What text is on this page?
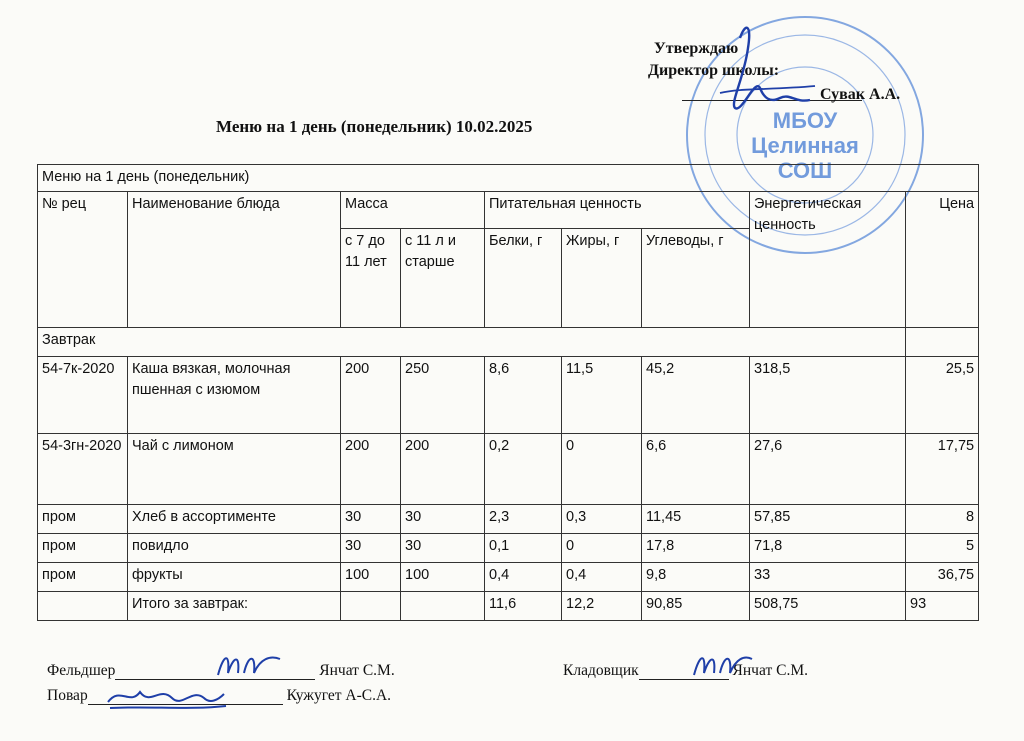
МБОУ
Целинная
СОШ
Утверждаю
Директор школы:
Сувак А.А.
Меню на 1 день (понедельник) 10.02.2025
Меню на 1 день (понедельник)								
№ рец	Наименование блюда	Масса		Питательная ценность			Энергетическая ценность	Цена
		с 7 до 11 лет	с 11 л и старше	Белки, г	Жиры, г	Углеводы, г		
Завтрак								
54-7к-2020	Каша вязкая, молочная пшенная с изюмом	200	250	8,6	11,5	45,2	318,5	25,5
54-3гн-2020	Чай с лимоном	200	200	0,2	0	6,6	27,6	17,75
пром	Хлеб в ассортименте	30	30	2,3	0,3	11,45	57,85	8
пром	повидло	30	30	0,1	0	17,8	71,8	5
пром	фрукты	100	100	0,4	0,4	9,8	33	36,75
	Итого за завтрак:			11,6	12,2	90,85	508,75	93
Фельдшер	Янчат С.М.	Кладовщик	Янчат С.М.
Повар	Кужугет А-С.А.
